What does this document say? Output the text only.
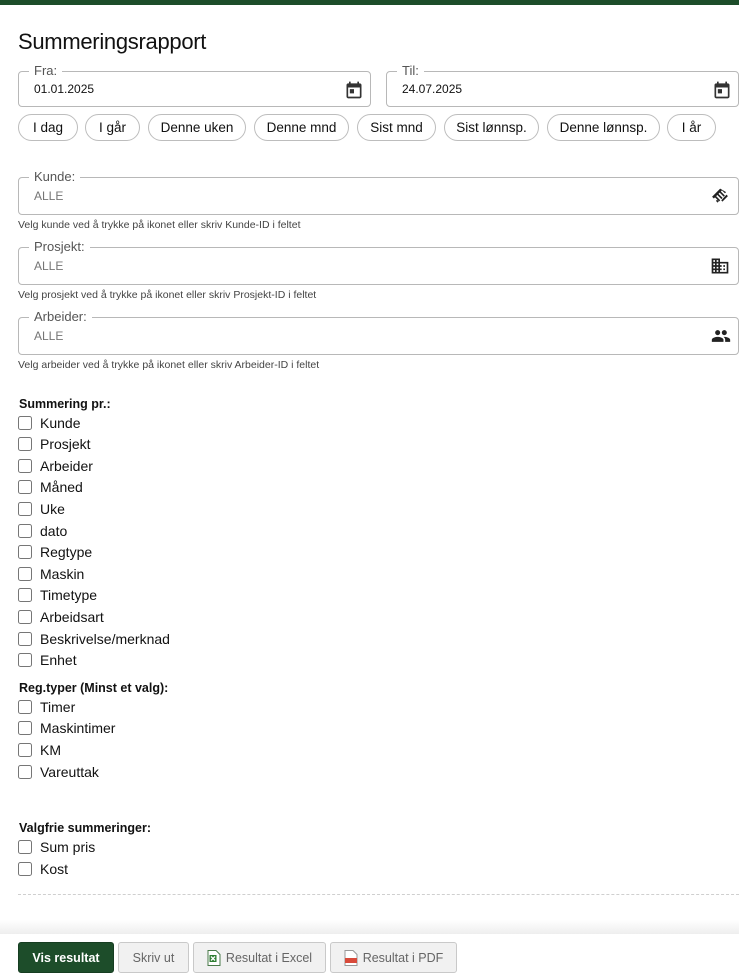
Summeringsrapport
Fra:
01.01.2025
Til:
24.07.2025
I dag	I går	Denne uken	Denne mnd	Sist mnd	Sist lønnsp.	Denne lønnsp.	I år
Kunde:
ALLE
Velg kunde ved å trykke på ikonet eller skriv Kunde-ID i feltet
Prosjekt:
ALLE
Velg prosjekt ved å trykke på ikonet eller skriv Prosjekt-ID i feltet
Arbeider:
ALLE
Velg arbeider ved å trykke på ikonet eller skriv Arbeider-ID i feltet
Summering pr.:
Kunde
Prosjekt
Arbeider
Måned
Uke
dato
Regtype
Maskin
Timetype
Arbeidsart
Beskrivelse/merknad
Enhet
Reg.typer (Minst et valg):
Timer
Maskintimer
KM
Vareuttak
Valgfrie summeringer:
Sum pris
Kost
Vis resultat	Skriv ut	Resultat i Excel	Resultat i PDF
